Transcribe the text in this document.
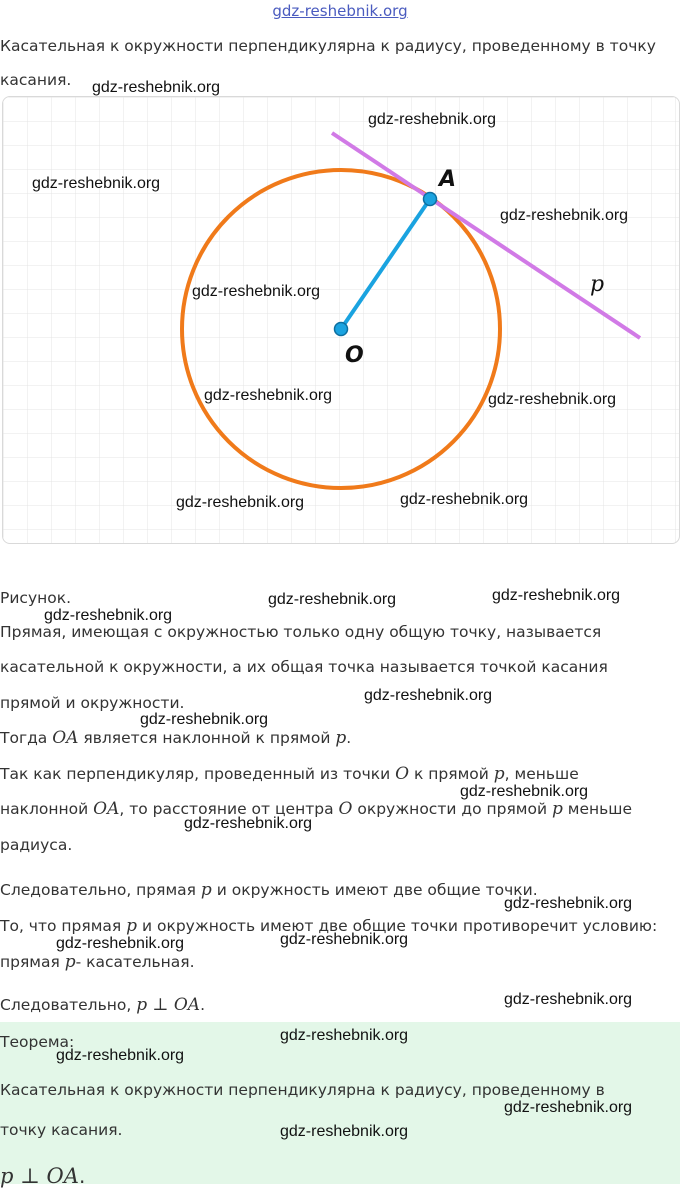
gdz-reshebnik.org

Касательная к окружности перпендикулярна к радиусу, проведенному в точку

касания.

A
O
p

Рисунок.

Прямая, имеющая с окружностью только одну общую точку, называется

касательной к окружности, а их общая точка называется точкой касания

прямой и окружности.

Тогда OA является наклонной к прямой p.

Так как перпендикуляр, проведенный из точки O к прямой p, меньше

наклонной OA, то расстояние от центра O окружности до прямой p меньше

радиуса.

Следовательно, прямая p и окружность имеют две общие точки.

То, что прямая p и окружность имеют две общие точки противоречит условию:

прямая p- касательная.

Следовательно, p ⊥ OA.

Теорема:

Касательная к окружности перпендикулярна к радиусу, проведенному в

точку касания.

p ⊥ OA.

gdz-reshebnik.org
gdz-reshebnik.org
gdz-reshebnik.org
gdz-reshebnik.org
gdz-reshebnik.org
gdz-reshebnik.org	gdz-reshebnik.org
gdz-reshebnik.org	gdz-reshebnik.org
gdz-reshebnik.org	gdz-reshebnik.org
gdz-reshebnik.org
gdz-reshebnik.org
gdz-reshebnik.org
gdz-reshebnik.org
gdz-reshebnik.org
gdz-reshebnik.org
gdz-reshebnik.org
gdz-reshebnik.org
gdz-reshebnik.org
gdz-reshebnik.org
gdz-reshebnik.org
gdz-reshebnik.org
gdz-reshebnik.org
